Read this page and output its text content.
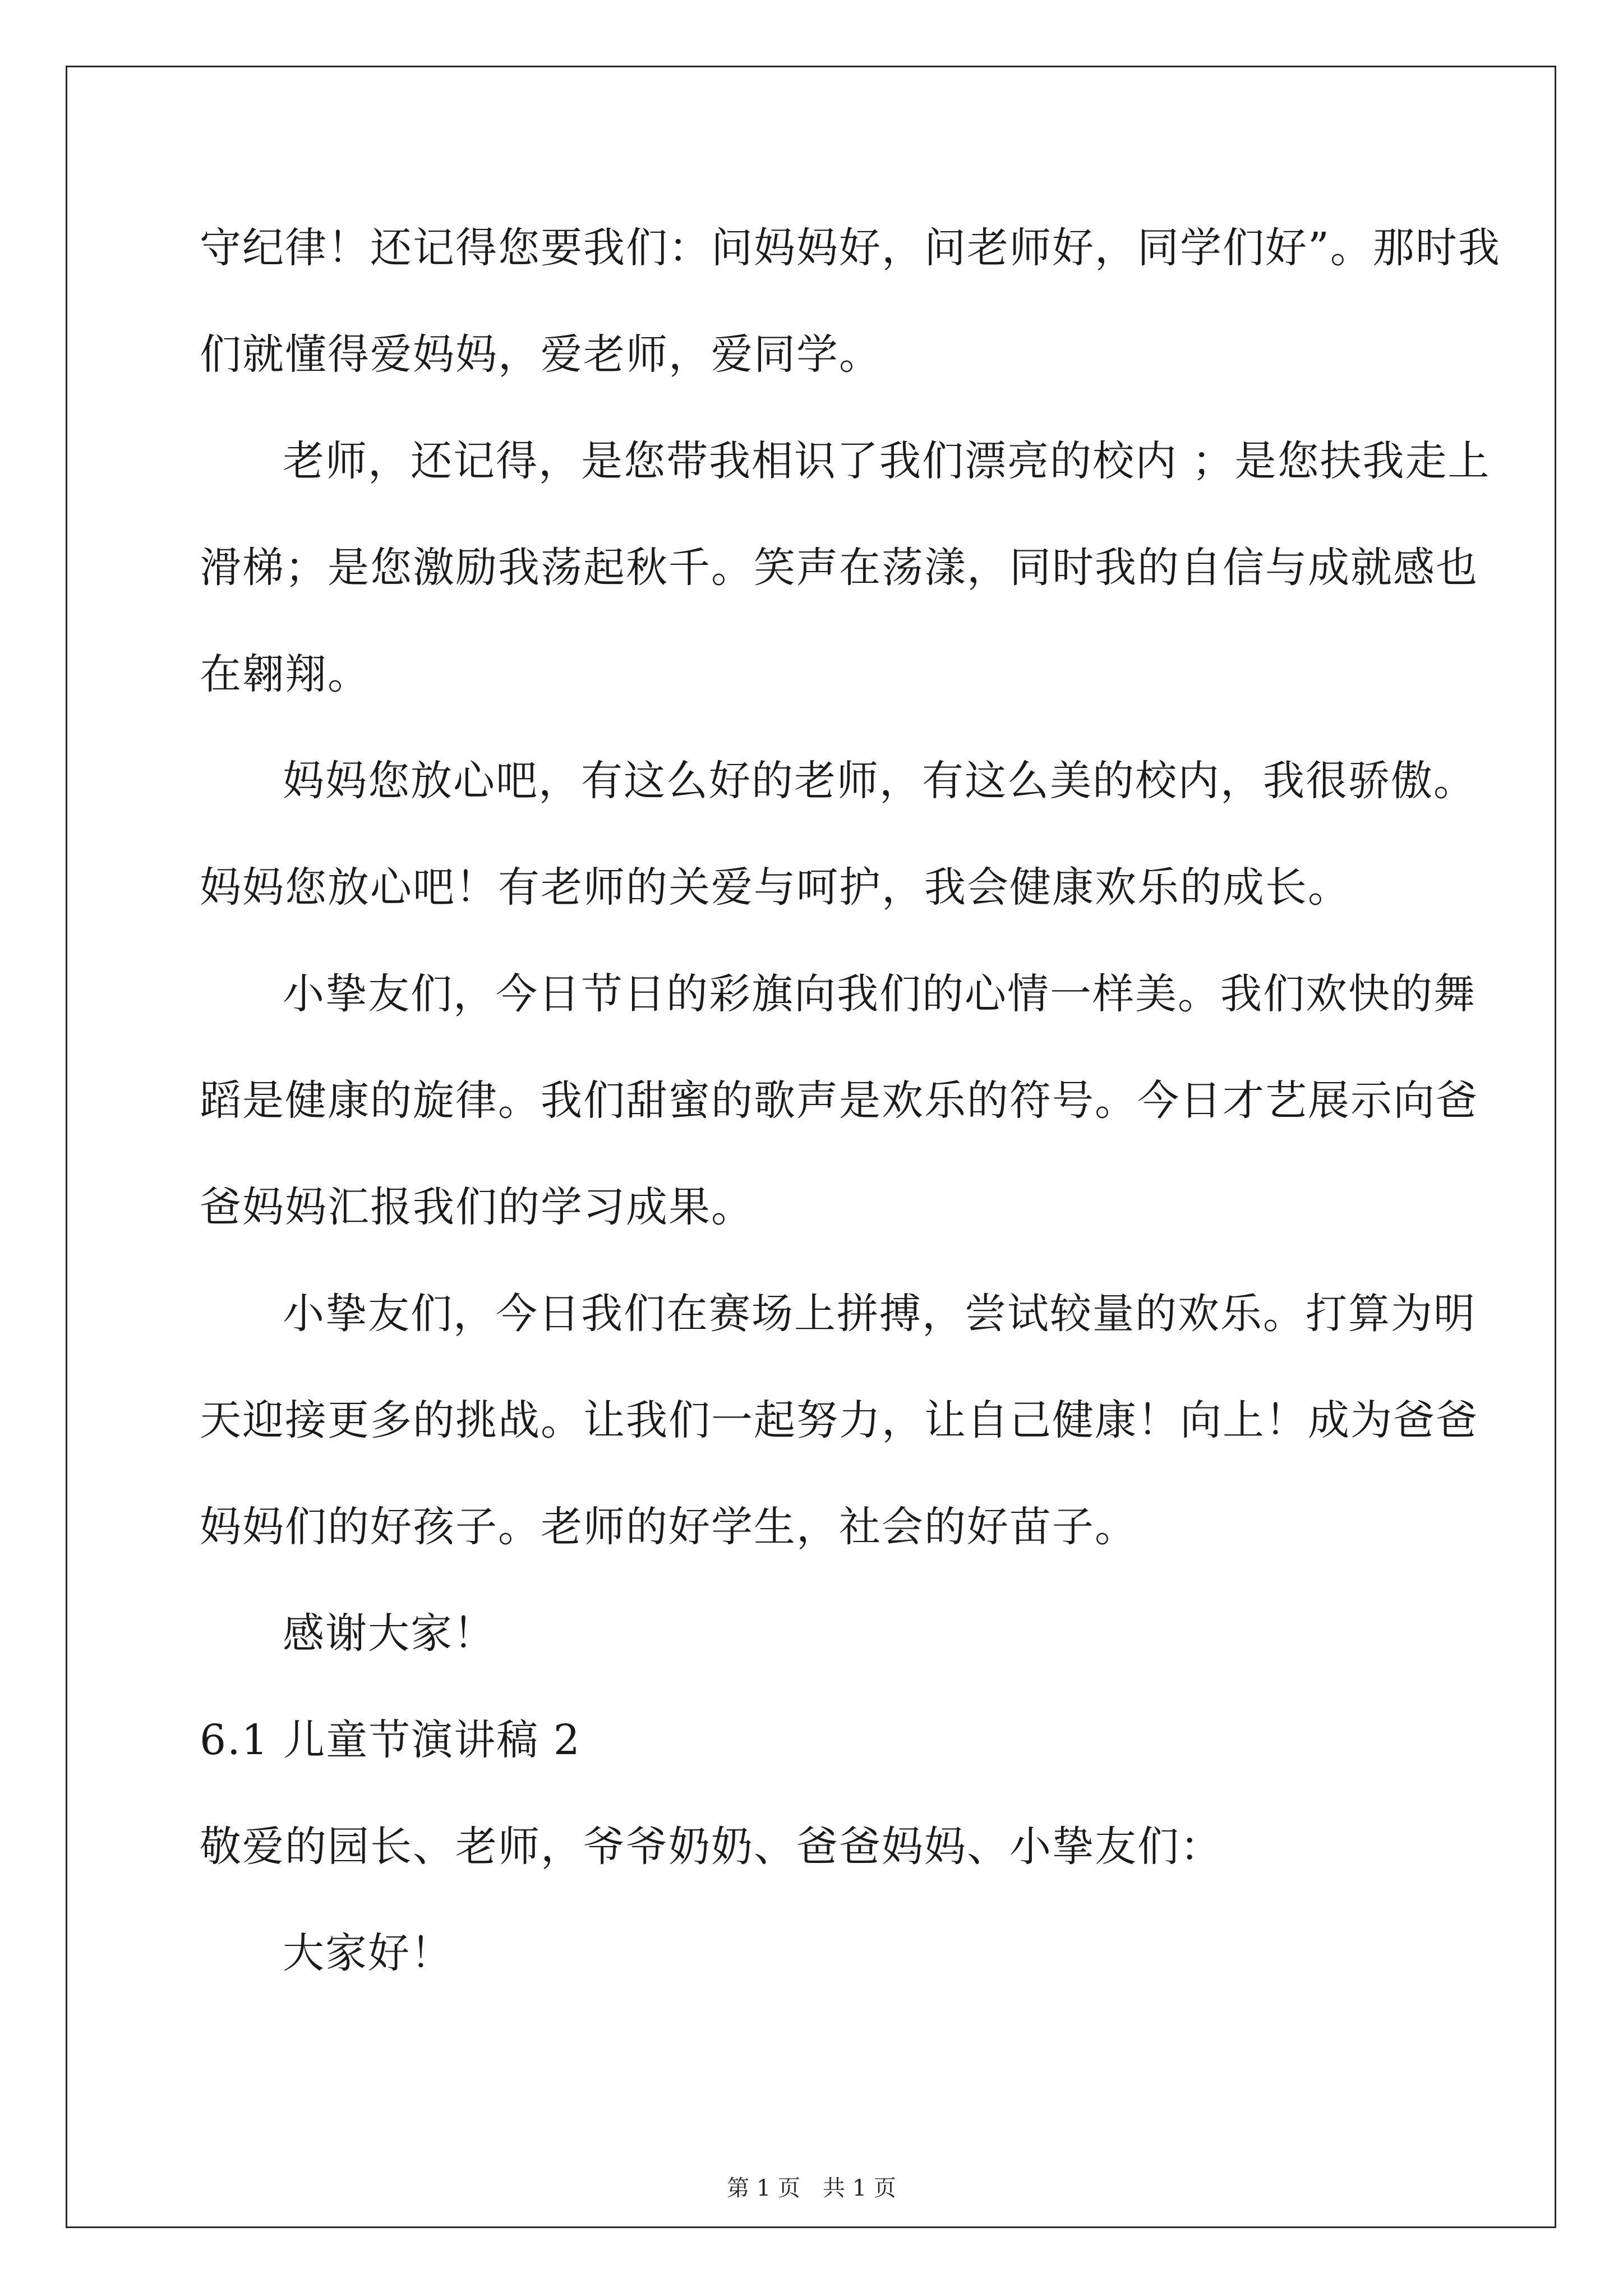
守纪律！还记得您要我们：问妈妈好，问老师好，同学们好”。那时我
们就懂得爱妈妈，爱老师，爱同学。
老师，还记得，是您带我相识了我们漂亮的校内 ；是您扶我走上
滑梯；是您激励我荡起秋千。笑声在荡漾，同时我的自信与成就感也
在翱翔。
妈妈您放心吧，有这么好的老师，有这么美的校内，我很骄傲。
妈妈您放心吧！有老师的关爱与呵护，我会健康欢乐的成长。
小挚友们，今日节日的彩旗向我们的心情一样美。我们欢快的舞
蹈是健康的旋律。我们甜蜜的歌声是欢乐的符号。今日才艺展示向爸
爸妈妈汇报我们的学习成果。
小挚友们，今日我们在赛场上拼搏，尝试较量的欢乐。打算为明
天迎接更多的挑战。让我们一起努力，让自己健康！向上！成为爸爸
妈妈们的好孩子。老师的好学生，社会的好苗子。
感谢大家！
6.1 儿童节演讲稿 2
敬爱的园长、老师，爷爷奶奶、爸爸妈妈、小挚友们：
大家好！
第 1 页 共 1 页
